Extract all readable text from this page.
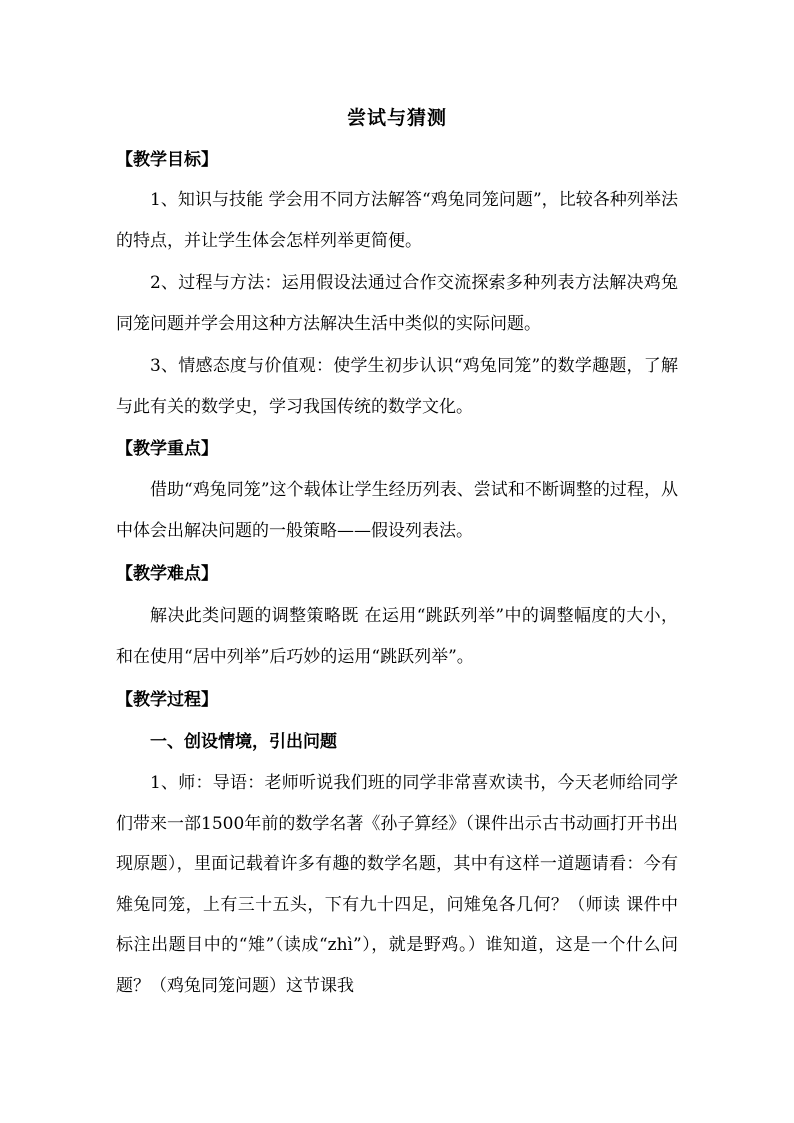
尝试与猜测
【教学目标】

1、知识与技能 学会用不同方法解答“鸡兔同笼问题”，比较各种列举法的特点，并让学生体会怎样列举更简便。

2、过程与方法：运用假设法通过合作交流探索多种列表方法解决鸡兔同笼问题并学会用这种方法解决生活中类似的实际问题。

3、情感态度与价值观：使学生初步认识“鸡兔同笼”的数学趣题，了解与此有关的数学史，学习我国传统的数学文化。

【教学重点】

借助“鸡兔同笼”这个载体让学生经历列表、尝试和不断调整的过程，从中体会出解决问题的一般策略——假设列表法。

【教学难点】

解决此类问题的调整策略既 在运用“跳跃列举”中的调整幅度的大小，和在使用“居中列举”后巧妙的运用“跳跃列举”。

【教学过程】
一、创设情境，引出问题

1、师：导语：老师听说我们班的同学非常喜欢读书，今天老师给同学们带来一部1500年前的数学名著《孙子算经》（课件出示古书动画打开书出现原题），里面记载着许多有趣的数学名题，其中有这样一道题请看：今有雉兔同笼，上有三十五头，下有九十四足，问雉兔各几何？（师读 课件中标注出题目中的“雉”（读成“zhì”），就是野鸡。）谁知道，这是一个什么问题？（鸡兔同笼问题）这节课我
